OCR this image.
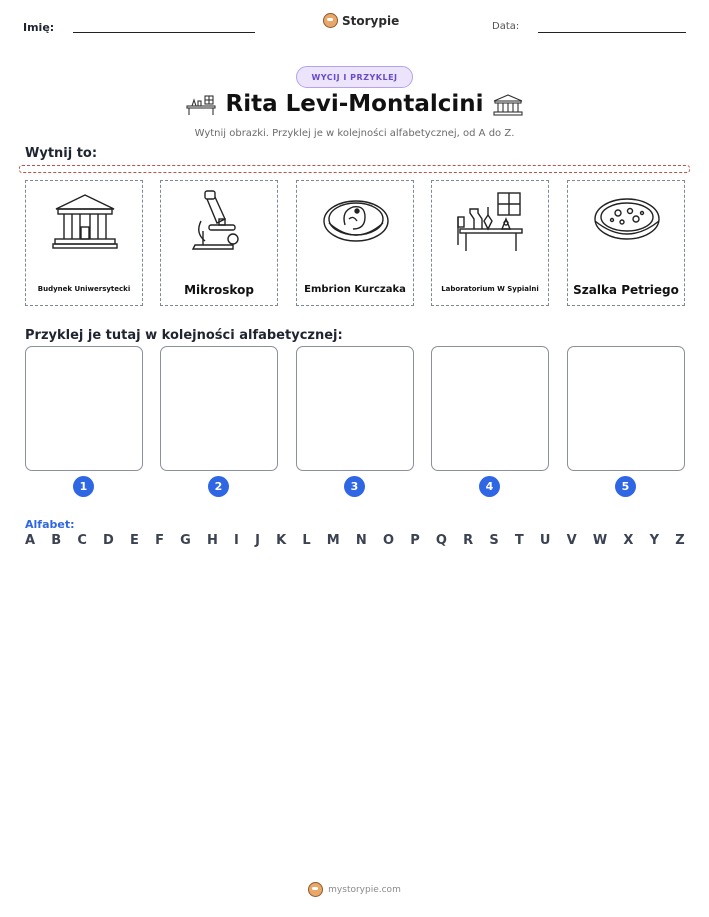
Imię:	Storypie	Data:
WYCIJ I PRZYKLEJ
Rita Levi-Montalcini
Wytnij obrazki. Przyklej je w kolejności alfabetycznej, od A do Z.
Wytnij to:
Budynek Uniwersytecki	Mikroskop	Embrion Kurczaka	Laboratorium W Sypialni	Szalka Petriego
Przyklej je tutaj w kolejności alfabetycznej:
1	2	3	4	5
Alfabet:
A B C D E F G H I J K L M N O P Q R S T U V W X Y Z
mystorypie.com
